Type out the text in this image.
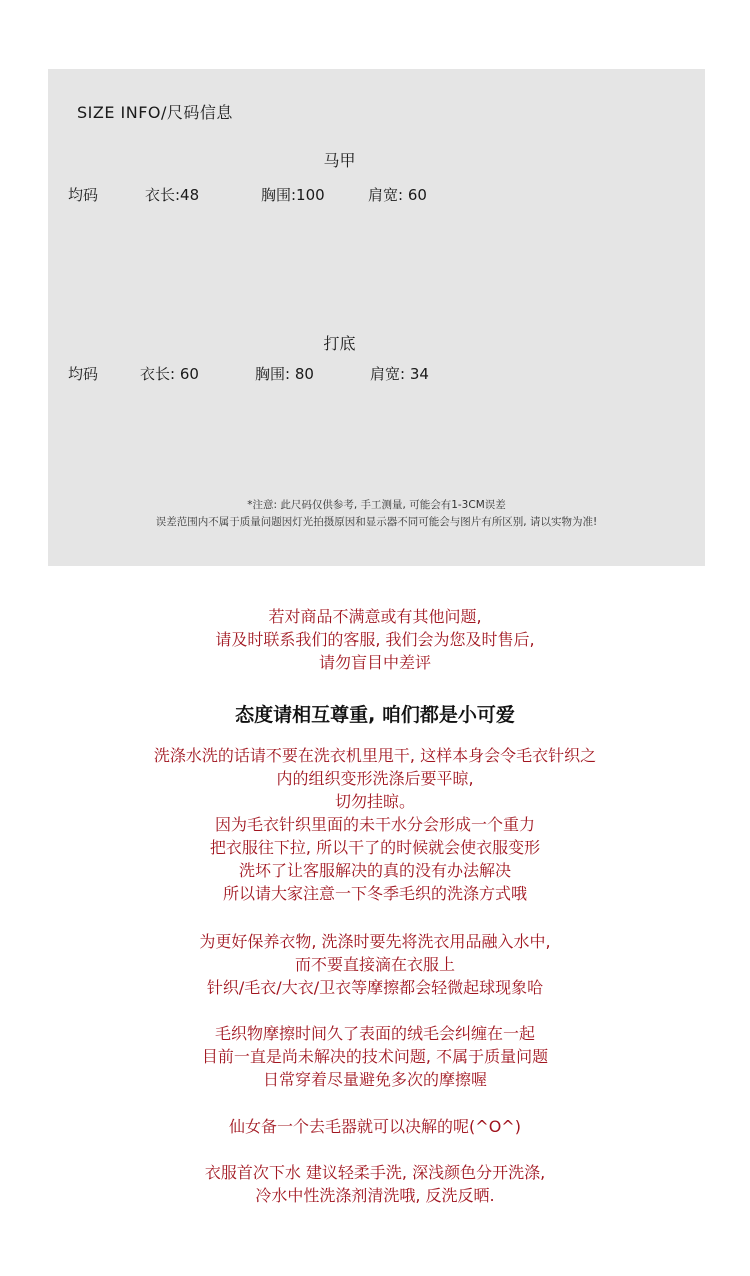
SIZE INFO/尺码信息
马甲
均码	衣长:48	胸围:100	肩宽: 60
打底
均码	衣长: 60	胸围: 80	肩宽: 34
*注意: 此尺码仅供参考, 手工测量, 可能会有1-3CM误差
误差范围内不属于质量问题因灯光拍摄原因和显示器不同可能会与图片有所区别, 请以实物为准!
若对商品不满意或有其他问题,
请及时联系我们的客服, 我们会为您及时售后,
请勿盲目中差评
态度请相互尊重, 咱们都是小可爱
洗涤水洗的话请不要在洗衣机里甩干, 这样本身会令毛衣针织之
内的组织变形洗涤后要平晾,
切勿挂晾。
因为毛衣针织里面的未干水分会形成一个重力
把衣服往下拉, 所以干了的时候就会使衣服变形
洗坏了让客服解决的真的没有办法解决
所以请大家注意一下冬季毛织的洗涤方式哦
为更好保养衣物, 洗涤时要先将洗衣用品融入水中,
而不要直接滴在衣服上
针织/毛衣/大衣/卫衣等摩擦都会轻微起球现象哈
毛织物摩擦时间久了表面的绒毛会纠缠在一起
目前一直是尚未解决的技术问题, 不属于质量问题
日常穿着尽量避免多次的摩擦喔
仙女备一个去毛器就可以决解的呢(^O^)
衣服首次下水 建议轻柔手洗, 深浅颜色分开洗涤,
冷水中性洗涤剂清洗哦, 反洗反晒.
